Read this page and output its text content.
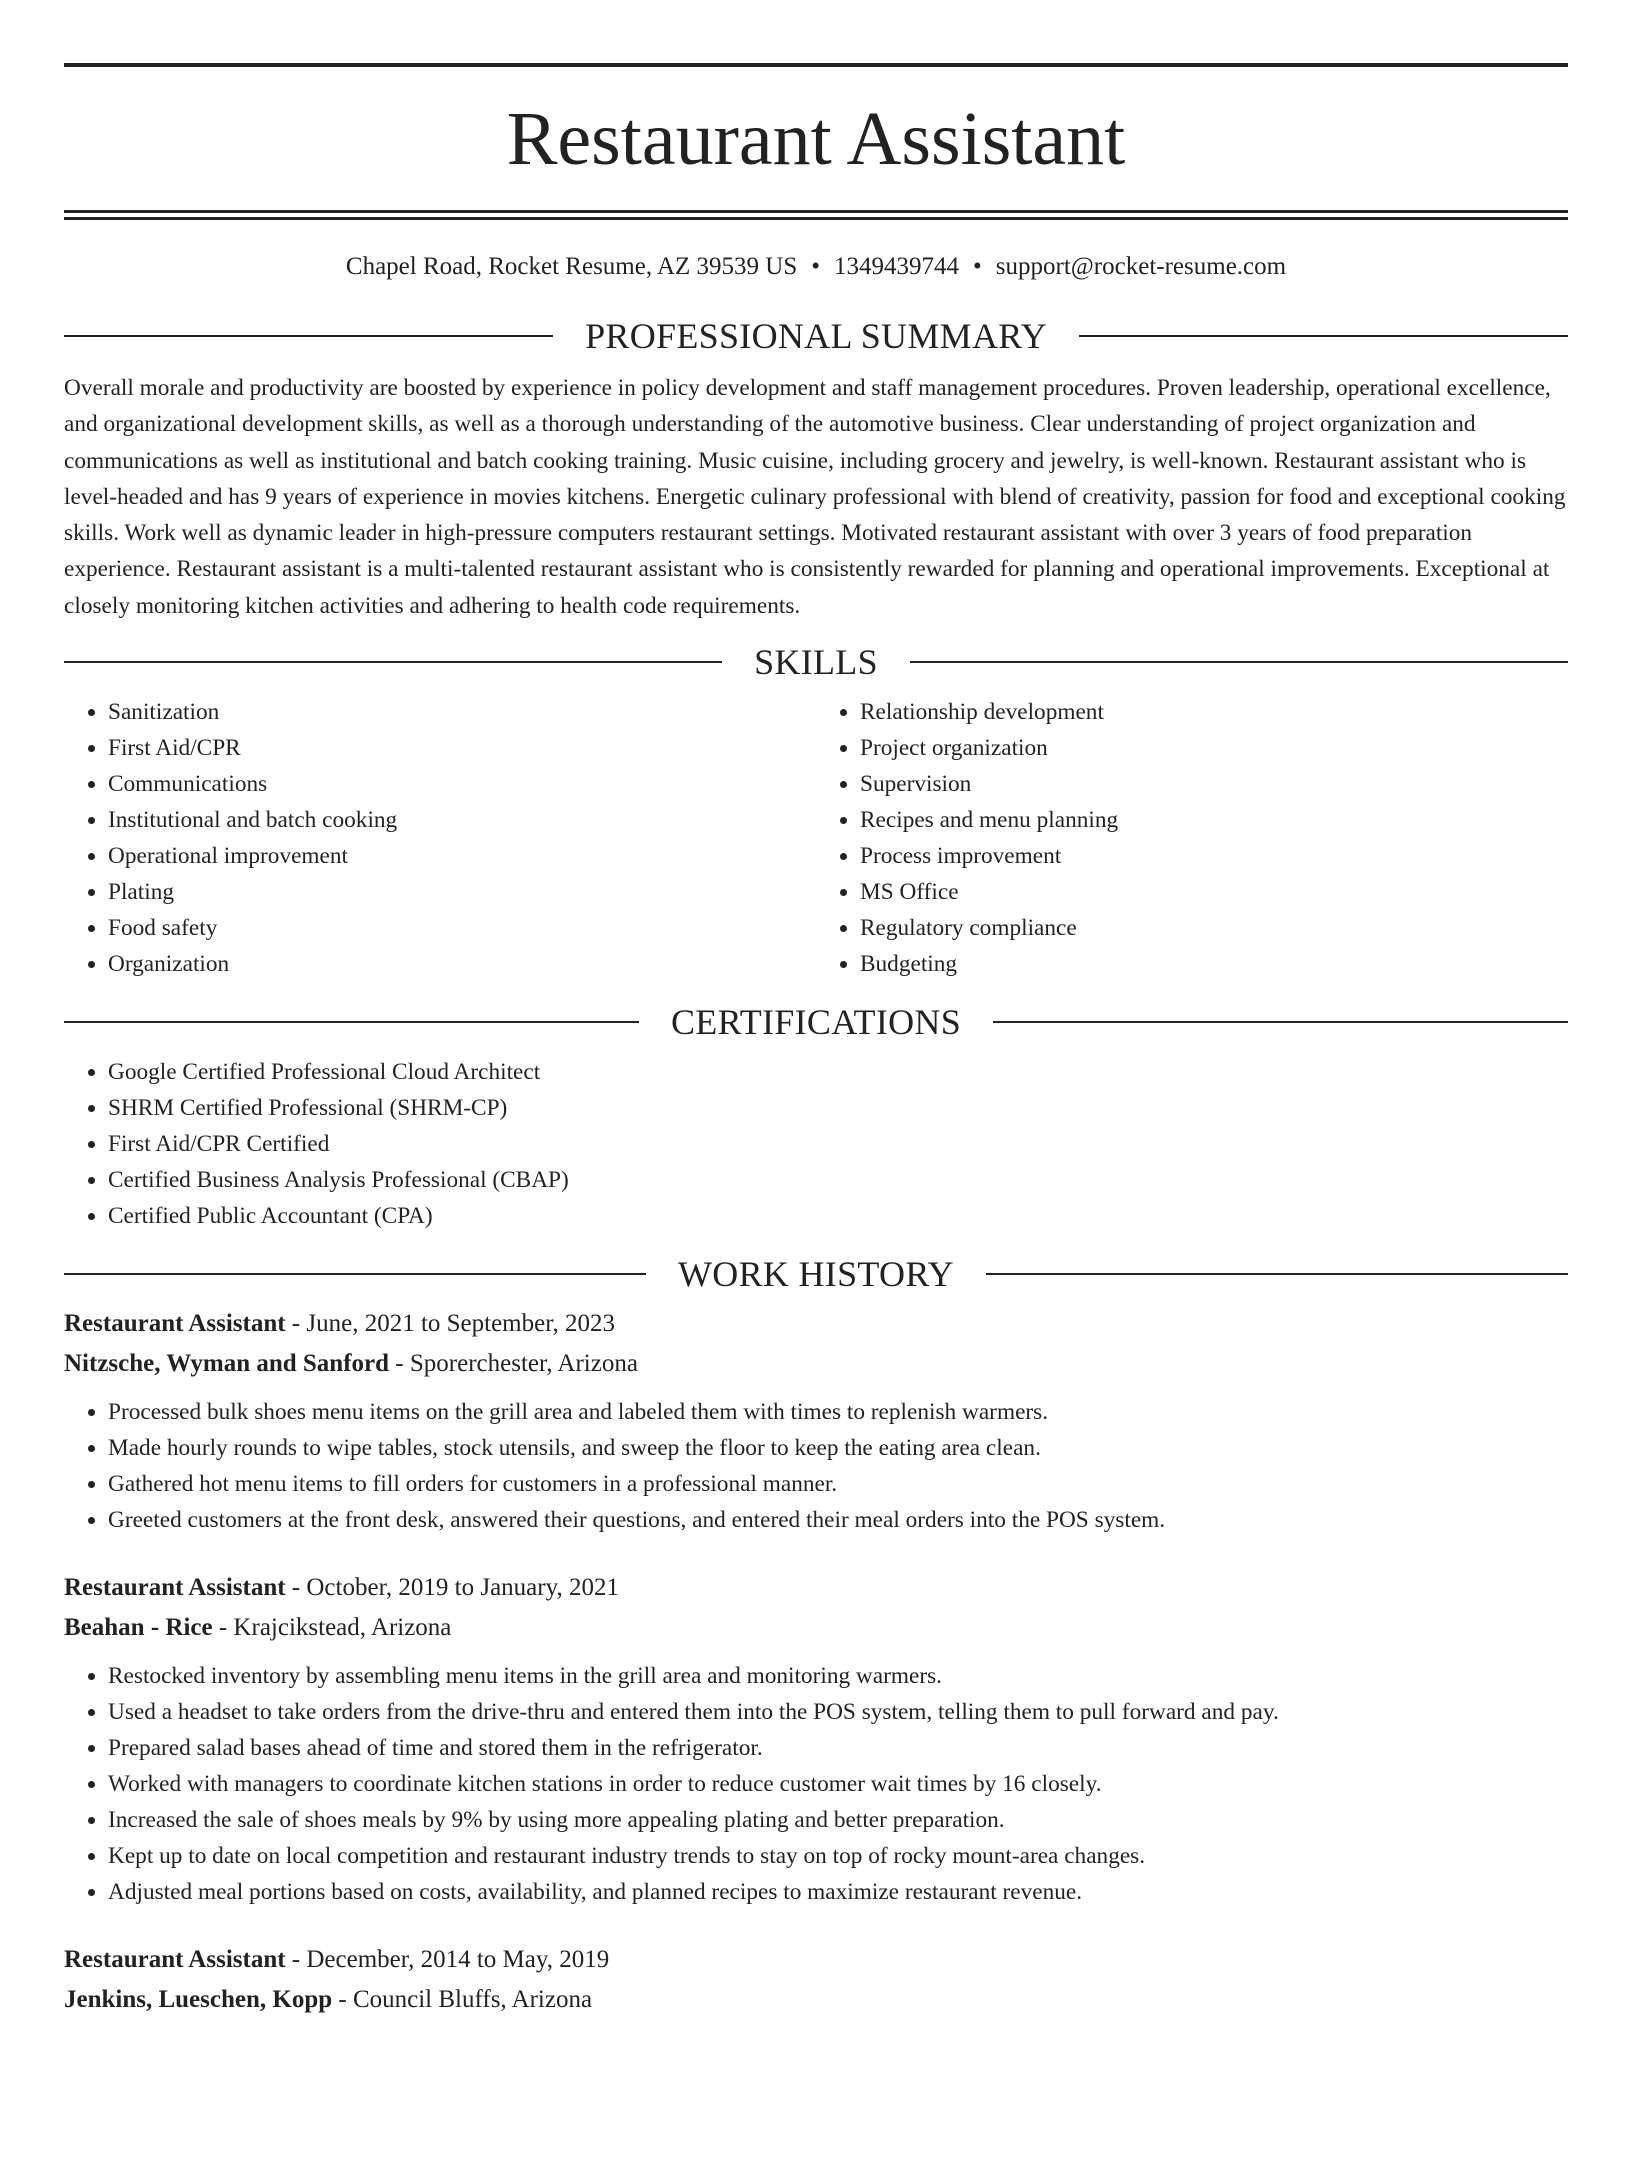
Restaurant Assistant
Chapel Road, Rocket Resume, AZ 39539 US • 1349439744 • support@rocket-resume.com
PROFESSIONAL SUMMARY

Overall morale and productivity are boosted by experience in policy development and staff management procedures. Proven leadership, operational excellence, and organizational development skills, as well as a thorough understanding of the automotive business. Clear understanding of project organization and communications as well as institutional and batch cooking training. Music cuisine, including grocery and jewelry, is well-known. Restaurant assistant who is level-headed and has 9 years of experience in movies kitchens. Energetic culinary professional with blend of creativity, passion for food and exceptional cooking skills. Work well as dynamic leader in high-pressure computers restaurant settings. Motivated restaurant assistant with over 3 years of food preparation experience. Restaurant assistant is a multi-talented restaurant assistant who is consistently rewarded for planning and operational improvements. Exceptional at closely monitoring kitchen activities and adhering to health code requirements.

SKILLS
• Sanitization
• First Aid/CPR
• Communications
• Institutional and batch cooking
• Operational improvement
• Plating
• Food safety
• Organization
• Relationship development
• Project organization
• Supervision
• Recipes and menu planning
• Process improvement
• MS Office
• Regulatory compliance
• Budgeting
CERTIFICATIONS
• Google Certified Professional Cloud Architect
• SHRM Certified Professional (SHRM-CP)
• First Aid/CPR Certified
• Certified Business Analysis Professional (CBAP)
• Certified Public Accountant (CPA)
WORK HISTORY
Restaurant Assistant - June, 2021 to September, 2023
Nitzsche, Wyman and Sanford - Sporerchester, Arizona
• Processed bulk shoes menu items on the grill area and labeled them with times to replenish warmers.
• Made hourly rounds to wipe tables, stock utensils, and sweep the floor to keep the eating area clean.
• Gathered hot menu items to fill orders for customers in a professional manner.
• Greeted customers at the front desk, answered their questions, and entered their meal orders into the POS system.
Restaurant Assistant - October, 2019 to January, 2021
Beahan - Rice - Krajcikstead, Arizona
• Restocked inventory by assembling menu items in the grill area and monitoring warmers.
• Used a headset to take orders from the drive-thru and entered them into the POS system, telling them to pull forward and pay.
• Prepared salad bases ahead of time and stored them in the refrigerator.
• Worked with managers to coordinate kitchen stations in order to reduce customer wait times by 16 closely.
• Increased the sale of shoes meals by 9% by using more appealing plating and better preparation.
• Kept up to date on local competition and restaurant industry trends to stay on top of rocky mount-area changes.
• Adjusted meal portions based on costs, availability, and planned recipes to maximize restaurant revenue.
Restaurant Assistant - December, 2014 to May, 2019
Jenkins, Lueschen, Kopp - Council Bluffs, Arizona
